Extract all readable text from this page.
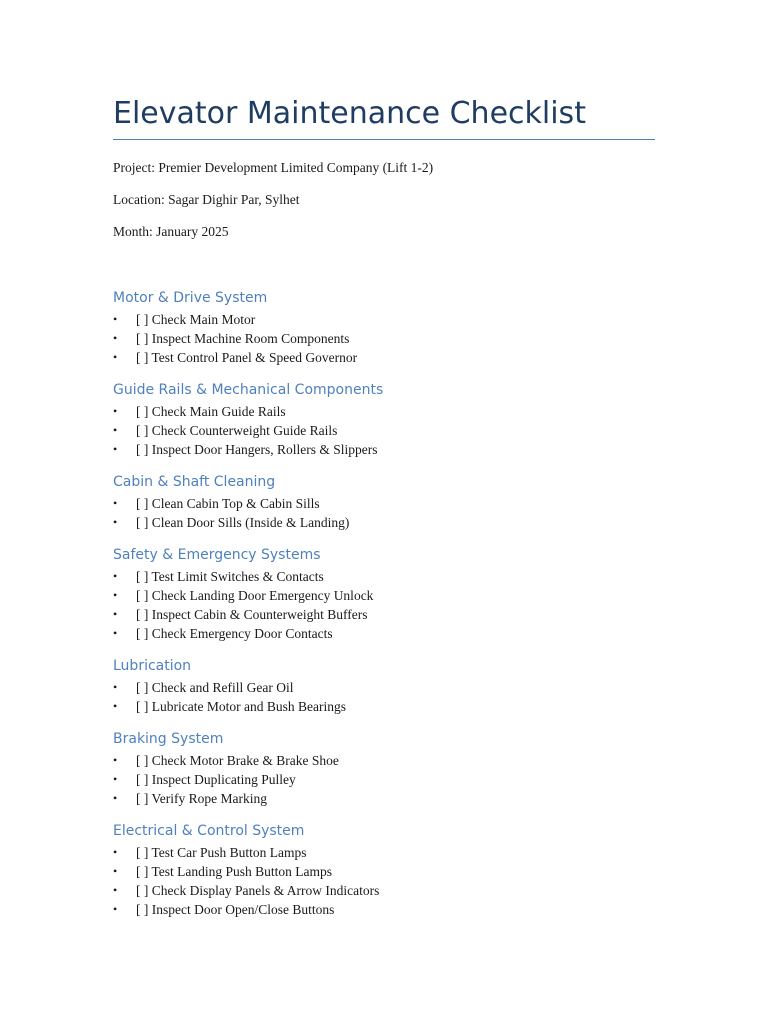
Elevator Maintenance Checklist

Project: Premier Development Limited Company (Lift 1-2)

Location: Sagar Dighir Par, Sylhet

Month: January 2025

Motor & Drive System
• [ ] Check Main Motor
• [ ] Inspect Machine Room Components
• [ ] Test Control Panel & Speed Governor
Guide Rails & Mechanical Components
• [ ] Check Main Guide Rails
• [ ] Check Counterweight Guide Rails
• [ ] Inspect Door Hangers, Rollers & Slippers
Cabin & Shaft Cleaning
• [ ] Clean Cabin Top & Cabin Sills
• [ ] Clean Door Sills (Inside & Landing)
Safety & Emergency Systems
• [ ] Test Limit Switches & Contacts
• [ ] Check Landing Door Emergency Unlock
• [ ] Inspect Cabin & Counterweight Buffers
• [ ] Check Emergency Door Contacts
Lubrication
• [ ] Check and Refill Gear Oil
• [ ] Lubricate Motor and Bush Bearings
Braking System
• [ ] Check Motor Brake & Brake Shoe
• [ ] Inspect Duplicating Pulley
• [ ] Verify Rope Marking
Electrical & Control System
• [ ] Test Car Push Button Lamps
• [ ] Test Landing Push Button Lamps
• [ ] Check Display Panels & Arrow Indicators
• [ ] Inspect Door Open/Close Buttons
